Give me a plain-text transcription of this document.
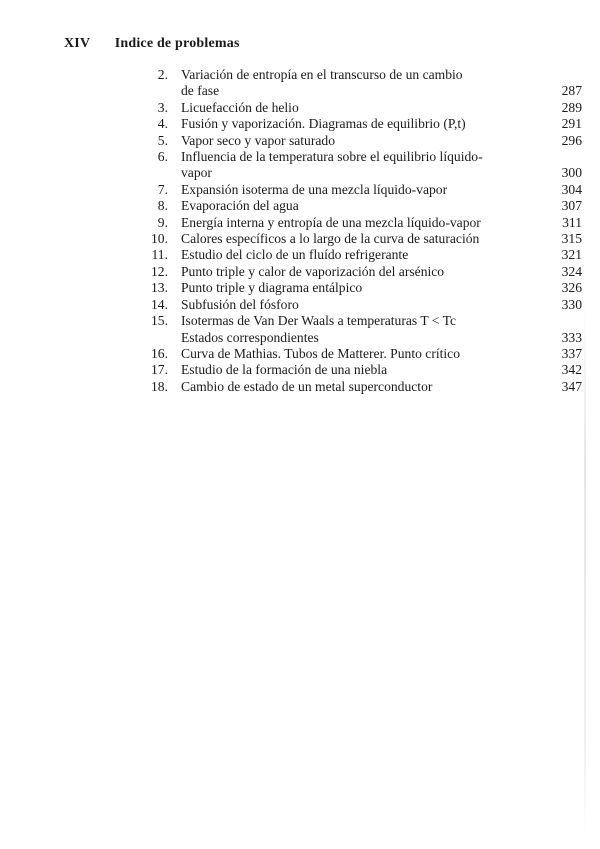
XIV Indice de problemas
2. Variación de entropía en el transcurso de un cambio
de fase	287
3. Licuefacción de helio	289
4. Fusión y vaporización. Diagramas de equilibrio (P,t)	291
5. Vapor seco y vapor saturado	296
6. Influencia de la temperatura sobre el equilibrio líquido-
vapor	300
7. Expansión isoterma de una mezcla líquido-vapor	304
8. Evaporación del agua	307
9. Energía interna y entropía de una mezcla líquido-vapor	311
10. Calores específicos a lo largo de la curva de saturación	315
11. Estudio del ciclo de un fluído refrigerante	321
12. Punto triple y calor de vaporización del arsénico	324
13. Punto triple y diagrama entálpico	326
14. Subfusión del fósforo	330
15. Isotermas de Van Der Waals a temperaturas T < Tc
Estados correspondientes	333
16. Curva de Mathias. Tubos de Matterer. Punto crítico	337
17. Estudio de la formación de una niebla	342
18. Cambio de estado de un metal superconductor	347
